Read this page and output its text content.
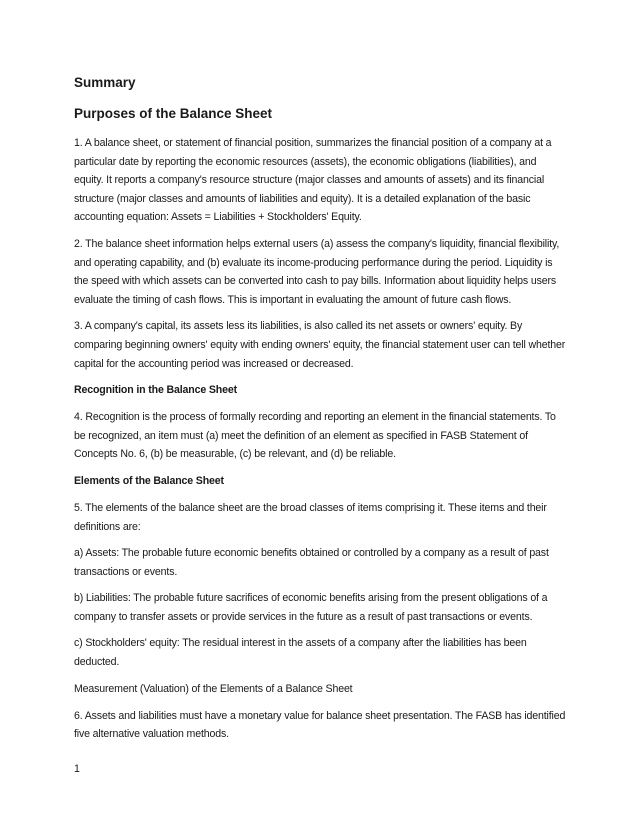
Summary
Purposes of the Balance Sheet

1. A balance sheet, or statement of financial position, summarizes the financial position of a company at a particular date by reporting the economic resources (assets), the economic obligations (liabilities), and equity. It reports a company's resource structure (major classes and amounts of assets) and its financial structure (major classes and amounts of liabilities and equity). It is a detailed explanation of the basic accounting equation: Assets = Liabilities + Stockholders' Equity.

2. The balance sheet information helps external users (a) assess the company's liquidity, financial flexibility, and operating capability, and (b) evaluate its income-producing performance during the period. Liquidity is the speed with which assets can be converted into cash to pay bills. Information about liquidity helps users evaluate the timing of cash flows. This is important in evaluating the amount of future cash flows.

3. A company's capital, its assets less its liabilities, is also called its net assets or owners' equity. By comparing beginning owners' equity with ending owners' equity, the financial statement user can tell whether capital for the accounting period was increased or decreased.

Recognition in the Balance Sheet

4. Recognition is the process of formally recording and reporting an element in the financial statements. To be recognized, an item must (a) meet the definition of an element as specified in FASB Statement of Concepts No. 6, (b) be measurable, (c) be relevant, and (d) be reliable.

Elements of the Balance Sheet

5. The elements of the balance sheet are the broad classes of items comprising it. These items and their definitions are:

a) Assets: The probable future economic benefits obtained or controlled by a company as a result of past transactions or events.

b) Liabilities: The probable future sacrifices of economic benefits arising from the present obligations of a company to transfer assets or provide services in the future as a result of past transactions or events.

c) Stockholders' equity: The residual interest in the assets of a company after the liabilities has been deducted.

Measurement (Valuation) of the Elements of a Balance Sheet

6. Assets and liabilities must have a monetary value for balance sheet presentation. The FASB has identified five alternative valuation methods.

1
